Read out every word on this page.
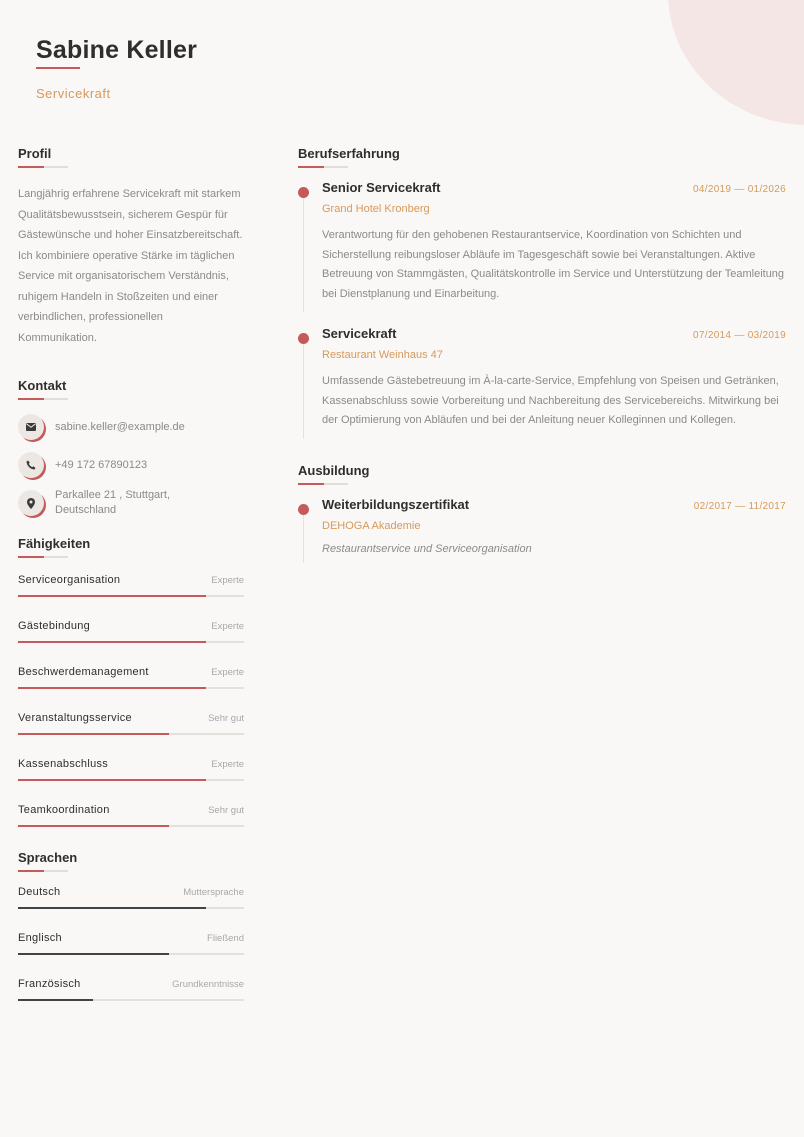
Sabine Keller
Servicekraft
Profil

Langjährig erfahrene Servicekraft mit starkem Qualitätsbewusstsein, sicherem Gespür für Gästewünsche und hoher Einsatzbereitschaft. Ich kombiniere operative Stärke im täglichen Service mit organisatorischem Verständnis, ruhigem Handeln in Stoßzeiten und einer verbindlichen, professionellen Kommunikation.

Kontakt
sabine.keller@example.de
+49 172 67890123
Parkallee 21 , Stuttgart, Deutschland
Fähigkeiten
Serviceorganisation	Experte
Gästebindung	Experte
Beschwerdemanagement	Experte
Veranstaltungsservice	Sehr gut
Kassenabschluss	Experte
Teamkoordination	Sehr gut
Sprachen
Deutsch	Muttersprache
Englisch	Fließend
Französisch	Grundkenntnisse
Berufserfahrung
Senior Servicekraft	04/2019 — 01/2026
Grand Hotel Kronberg

Verantwortung für den gehobenen Restaurantservice, Koordination von Schichten und Sicherstellung reibungsloser Abläufe im Tagesgeschäft sowie bei Veranstaltungen. Aktive Betreuung von Stammgästen, Qualitätskontrolle im Service und Unterstützung der Teamleitung bei Dienstplanung und Einarbeitung.

Servicekraft	07/2014 — 03/2019
Restaurant Weinhaus 47

Umfassende Gästebetreuung im À-la-carte-Service, Empfehlung von Speisen und Getränken, Kassenabschluss sowie Vorbereitung und Nachbereitung des Servicebereichs. Mitwirkung bei der Optimierung von Abläufen und bei der Anleitung neuer Kolleginnen und Kollegen.

Ausbildung
Weiterbildungszertifikat	02/2017 — 11/2017
DEHOGA Akademie

Restaurantservice und Serviceorganisation
